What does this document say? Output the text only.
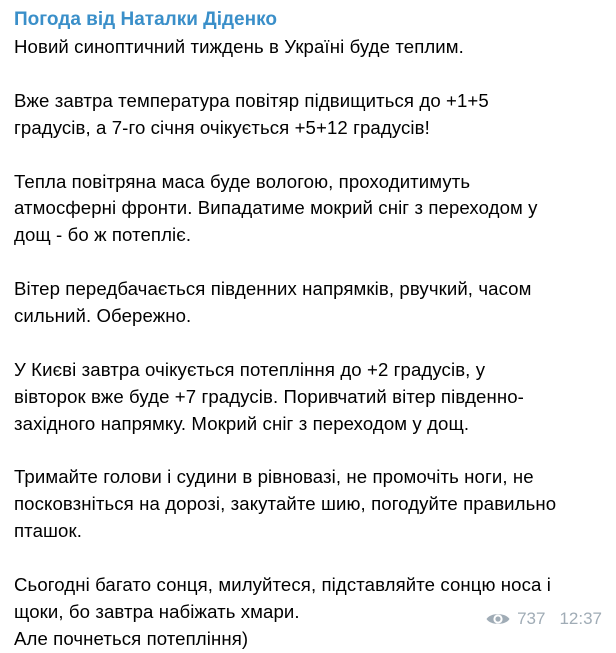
Погода від Наталки Діденко

Новий синоптичний тиждень в Україні буде теплим.

Вже завтра температура повітяр підвищиться до +1+5
градусів, а 7-го січня очікується +5+12 градусів!

Тепла повітряна маса буде вологою, проходитимуть
атмосферні фронти. Випадатиме мокрий сніг з переходом у
дощ - бо ж потепліє.

Вітер передбачається південних напрямків, рвучкий, часом
сильний. Обережно.

У Києві завтра очікується потепління до +2 градусів, у
вівторок вже буде +7 градусів. Поривчатий вітер південно-
західного напрямку. Мокрий сніг з переходом у дощ.

Тримайте голови і судини в рівновазі, не промочіть ноги, не
посковзніться на дорозі, закутайте шию, погодуйте правильно
пташок.

Сьогодні багато сонця, милуйтеся, підставляйте сонцю носа і
щоки, бо завтра набіжать хмари.
Але почнеться потепління)

737 12:37
